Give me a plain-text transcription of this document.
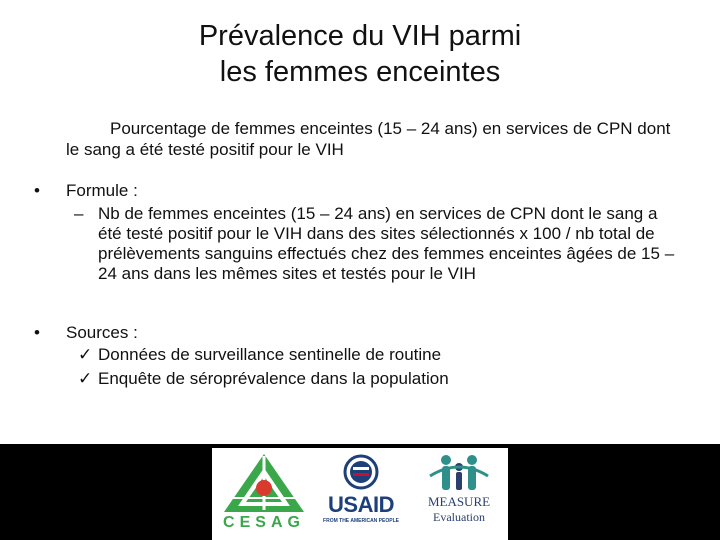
Prévalence du VIH parmi
les femmes enceintes
Pourcentage de femmes enceintes (15 – 24 ans) en services de CPN dont le sang a été testé positif pour le VIH
• Formule :
– Nb de femmes enceintes (15 – 24 ans) en services de CPN dont le sang a été testé positif pour le VIH dans des sites sélectionnés x 100 / nb total de prélèvements sanguins effectués chez des femmes enceintes âgées de 15 – 24 ans dans les mêmes sites et testés pour le VIH
• Sources :
✓ Données de surveillance sentinelle de routine
✓ Enquête de séroprévalence dans la population
CESAG
USAID
FROM THE AMERICAN PEOPLE
MEASURE
Evaluation
